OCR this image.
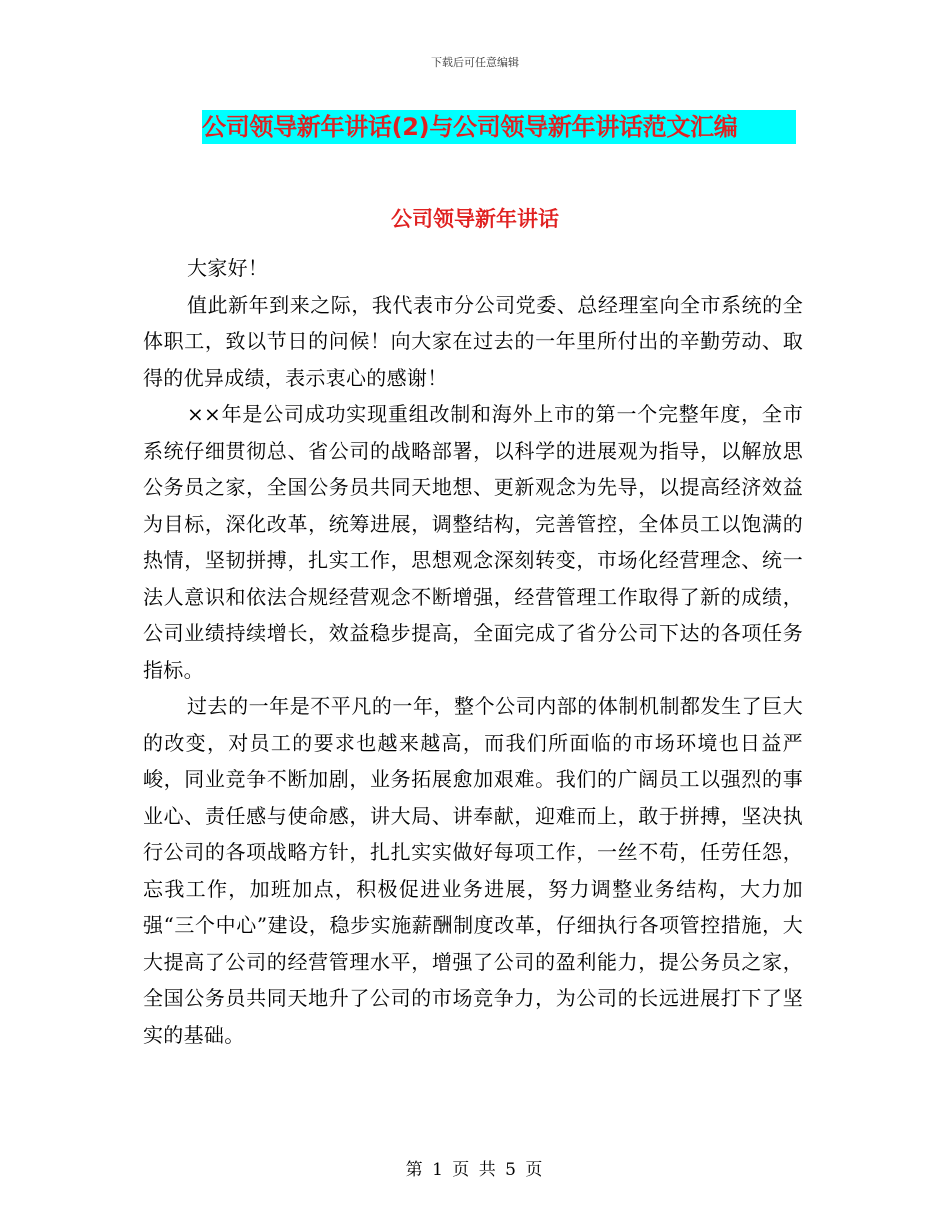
下载后可任意编辑
公司领导新年讲话(2)与公司领导新年讲话范文汇编
公司领导新年讲话

大家好！

值此新年到来之际，我代表市分公司党委、总经理室向全市系统的全体职工，致以节日的问候！向大家在过去的一年里所付出的辛勤劳动、取得的优异成绩，表示衷心的感谢！

××年是公司成功实现重组改制和海外上市的第一个完整年度，全市系统仔细贯彻总、省公司的战略部署，以科学的进展观为指导，以解放思公务员之家，全国公务员共同天地想、更新观念为先导，以提高经济效益为目标，深化改革，统筹进展，调整结构，完善管控，全体员工以饱满的热情，坚韧拼搏，扎实工作，思想观念深刻转变，市场化经营理念、统一法人意识和依法合规经营观念不断增强，经营管理工作取得了新的成绩，公司业绩持续增长，效益稳步提高，全面完成了省分公司下达的各项任务指标。

过去的一年是不平凡的一年，整个公司内部的体制机制都发生了巨大的改变，对员工的要求也越来越高，而我们所面临的市场环境也日益严峻，同业竞争不断加剧，业务拓展愈加艰难。我们的广阔员工以强烈的事业心、责任感与使命感，讲大局、讲奉献，迎难而上，敢于拼搏，坚决执行公司的各项战略方针，扎扎实实做好每项工作，一丝不苟，任劳任怨，忘我工作，加班加点，积极促进业务进展，努力调整业务结构，大力加强“三个中心”建设，稳步实施薪酬制度改革，仔细执行各项管控措施，大大提高了公司的经营管理水平，增强了公司的盈利能力，提公务员之家，全国公务员共同天地升了公司的市场竞争力，为公司的长远进展打下了坚实的基础。

第 1 页 共 5 页
